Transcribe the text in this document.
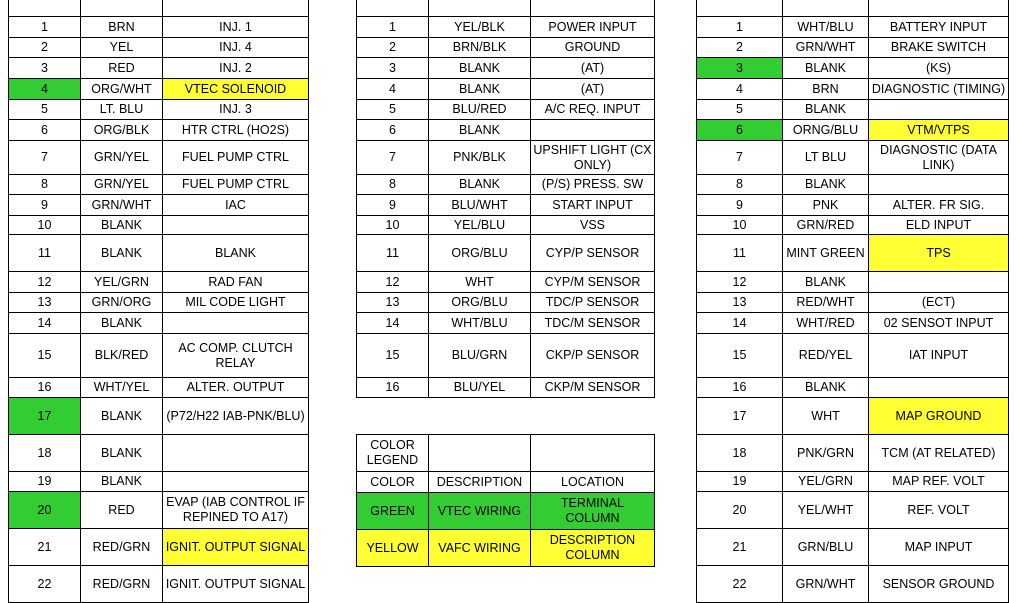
1	BRN	INJ. 1
2	YEL	INJ. 4
3	RED	INJ. 2
4	ORG/WHT	VTEC SOLENOID
5	LT. BLU	INJ. 3
6	ORG/BLK	HTR CTRL (HO2S)
7	GRN/YEL	FUEL PUMP CTRL
8	GRN/YEL	FUEL PUMP CTRL
9	GRN/WHT	IAC
10	BLANK	
11	BLANK	BLANK
12	YEL/GRN	RAD FAN
13	GRN/ORG	MIL CODE LIGHT
14	BLANK	
15	BLK/RED	AC COMP. CLUTCH RELAY
16	WHT/YEL	ALTER. OUTPUT
17	BLANK	(P72/H22 IAB-PNK/BLU)
18	BLANK	
19	BLANK	
20	RED	EVAP (IAB CONTROL IF REPINED TO A17)
21	RED/GRN	IGNIT. OUTPUT SIGNAL
22	RED/GRN	IGNIT. OUTPUT SIGNAL

1	YEL/BLK	POWER INPUT
2	BRN/BLK	GROUND
3	BLANK	(AT)
4	BLANK	(AT)
5	BLU/RED	A/C REQ. INPUT
6	BLANK	
7	PNK/BLK	UPSHIFT LIGHT (CX ONLY)
8	BLANK	(P/S) PRESS. SW
9	BLU/WHT	START INPUT
10	YEL/BLU	VSS
11	ORG/BLU	CYP/P SENSOR
12	WHT	CYP/M SENSOR
13	ORG/BLU	TDC/P SENSOR
14	WHT/BLU	TDC/M SENSOR
15	BLU/GRN	CKP/P SENSOR
16	BLU/YEL	CKP/M SENSOR
COLOR LEGEND		
COLOR	DESCRIPTION	LOCATION
GREEN	VTEC WIRING	TERMINAL COLUMN
YELLOW	VAFC WIRING	DESCRIPTION COLUMN

1	WHT/BLU	BATTERY INPUT
2	GRN/WHT	BRAKE SWITCH
3	BLANK	(KS)
4	BRN	DIAGNOSTIC (TIMING)
5	BLANK	
6	ORNG/BLU	VTM/VTPS
7	LT BLU	DIAGNOSTIC (DATA LINK)
8	BLANK	
9	PNK	ALTER. FR SIG.
10	GRN/RED	ELD INPUT
11	MINT GREEN	TPS
12	BLANK	
13	RED/WHT	(ECT)
14	WHT/RED	02 SENSOT INPUT
15	RED/YEL	IAT INPUT
16	BLANK	
17	WHT	MAP GROUND
18	PNK/GRN	TCM (AT RELATED)
19	YEL/GRN	MAP REF. VOLT
20	YEL/WHT	REF. VOLT
21	GRN/BLU	MAP INPUT
22	GRN/WHT	SENSOR GROUND
